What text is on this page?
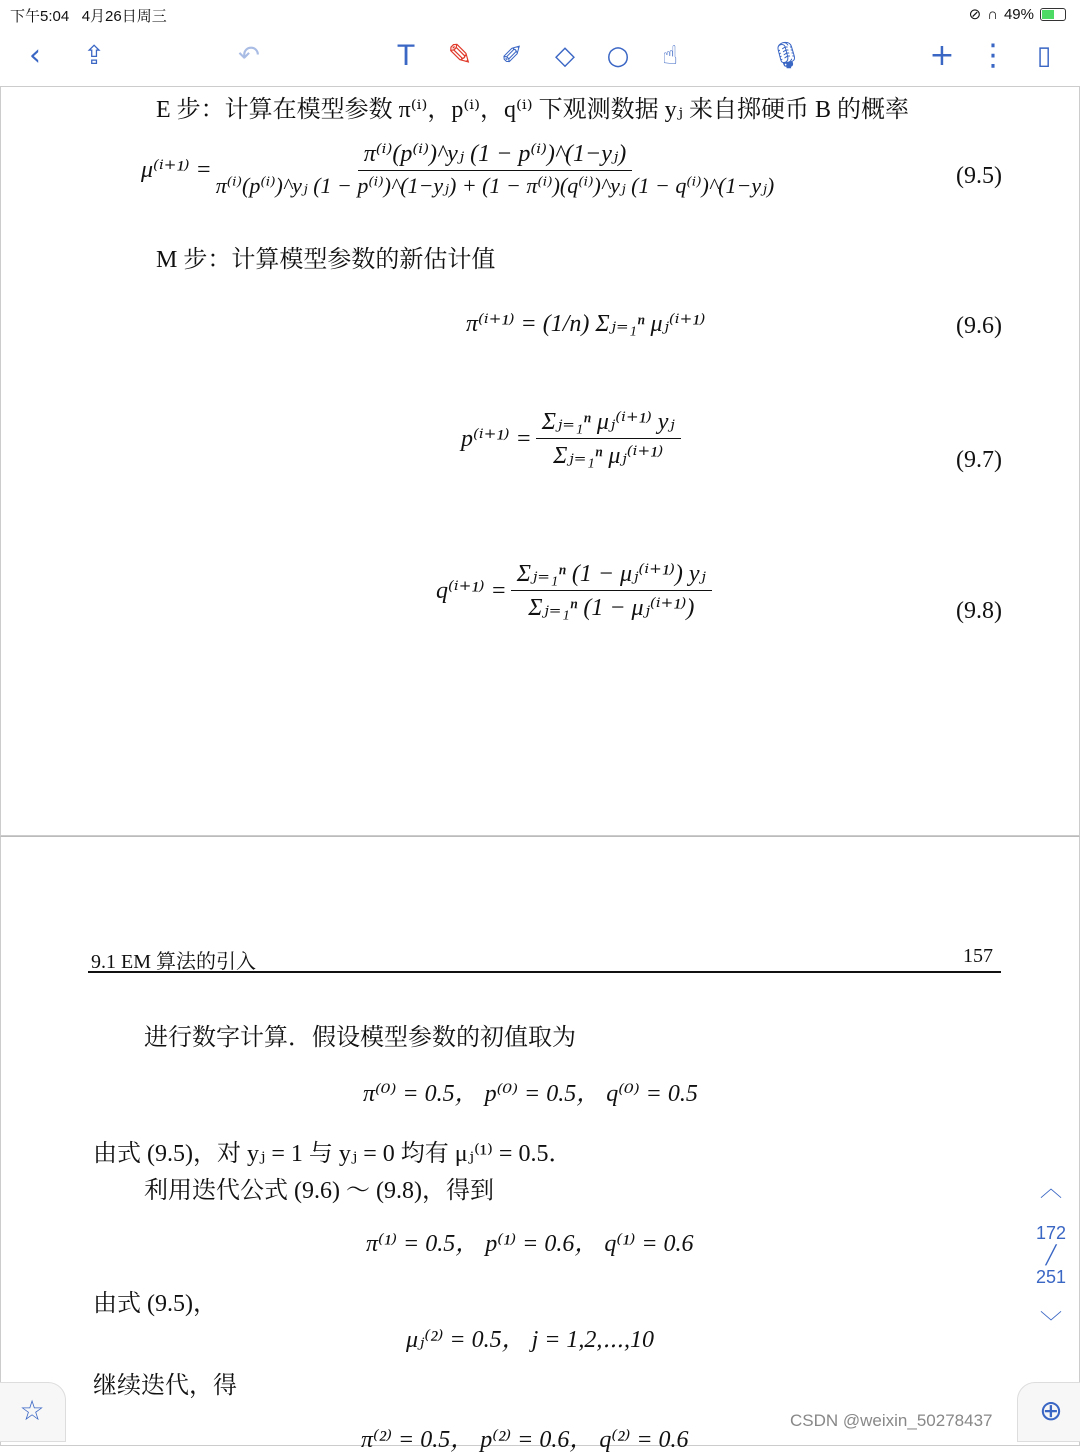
下午5:04 4月26日周三	⊘ ∩ 49%
‹	⇪	↶	T	✎	✐	◇	○	☝	🎙︎	+ ⋮	▯
E 步：计算在模型参数 π⁽ⁱ⁾，p⁽ⁱ⁾，q⁽ⁱ⁾ 下观测数据 yⱼ 来自掷硬币 B 的概率
μ⁽ⁱ⁺¹⁾ =
π⁽ⁱ⁾(p⁽ⁱ⁾)^yⱼ (1 − p⁽ⁱ⁾)^(1−yⱼ)
π⁽ⁱ⁾(p⁽ⁱ⁾)^yⱼ (1 − p⁽ⁱ⁾)^(1−yⱼ) + (1 − π⁽ⁱ⁾)(q⁽ⁱ⁾)^yⱼ (1 − q⁽ⁱ⁾)^(1−yⱼ)	(9.5)
M 步：计算模型参数的新估计值
π⁽ⁱ⁺¹⁾ =
(1/n) Σⱼ₌₁ⁿ μⱼ⁽ⁱ⁺¹⁾	(9.6)
$p^{(i+1)} = \frac{\text{Σⱼ₌₁ⁿ μⱼ⁽ⁱ⁺¹⁾ yⱼ}}{\text{Σⱼ₌₁ⁿ μⱼ⁽ⁱ⁺¹⁾}}$	(9.7)
$q^{(i+1)} = \frac{\text{Σⱼ₌₁ⁿ (1 − μⱼ⁽ⁱ⁺¹⁾) yⱼ}}{\text{Σⱼ₌₁ⁿ (1 − μⱼ⁽ⁱ⁺¹⁾)}}$	(9.8)
9.1 EM 算法的引入	157
进行数字计算．假设模型参数的初值取为
π⁽⁰⁾ = 0.5， p⁽⁰⁾ = 0.5， q⁽⁰⁾ = 0.5
由式 (9.5)，对 yⱼ = 1 与 yⱼ = 0 均有 μⱼ⁽¹⁾ = 0.5．
利用迭代公式 (9.6) ～ (9.8)，得到
π⁽¹⁾ = 0.5， p⁽¹⁾ = 0.6， q⁽¹⁾ = 0.6
由式 (9.5)，
μⱼ⁽²⁾ = 0.5， j = 1,2,⋯,10
继续迭代，得
π⁽²⁾ = 0.5， p⁽²⁾ = 0.6， q⁽²⁾ = 0.6
︿
172
╱
251
﹀
☆	⊕
CSDN @weixin_50278437
